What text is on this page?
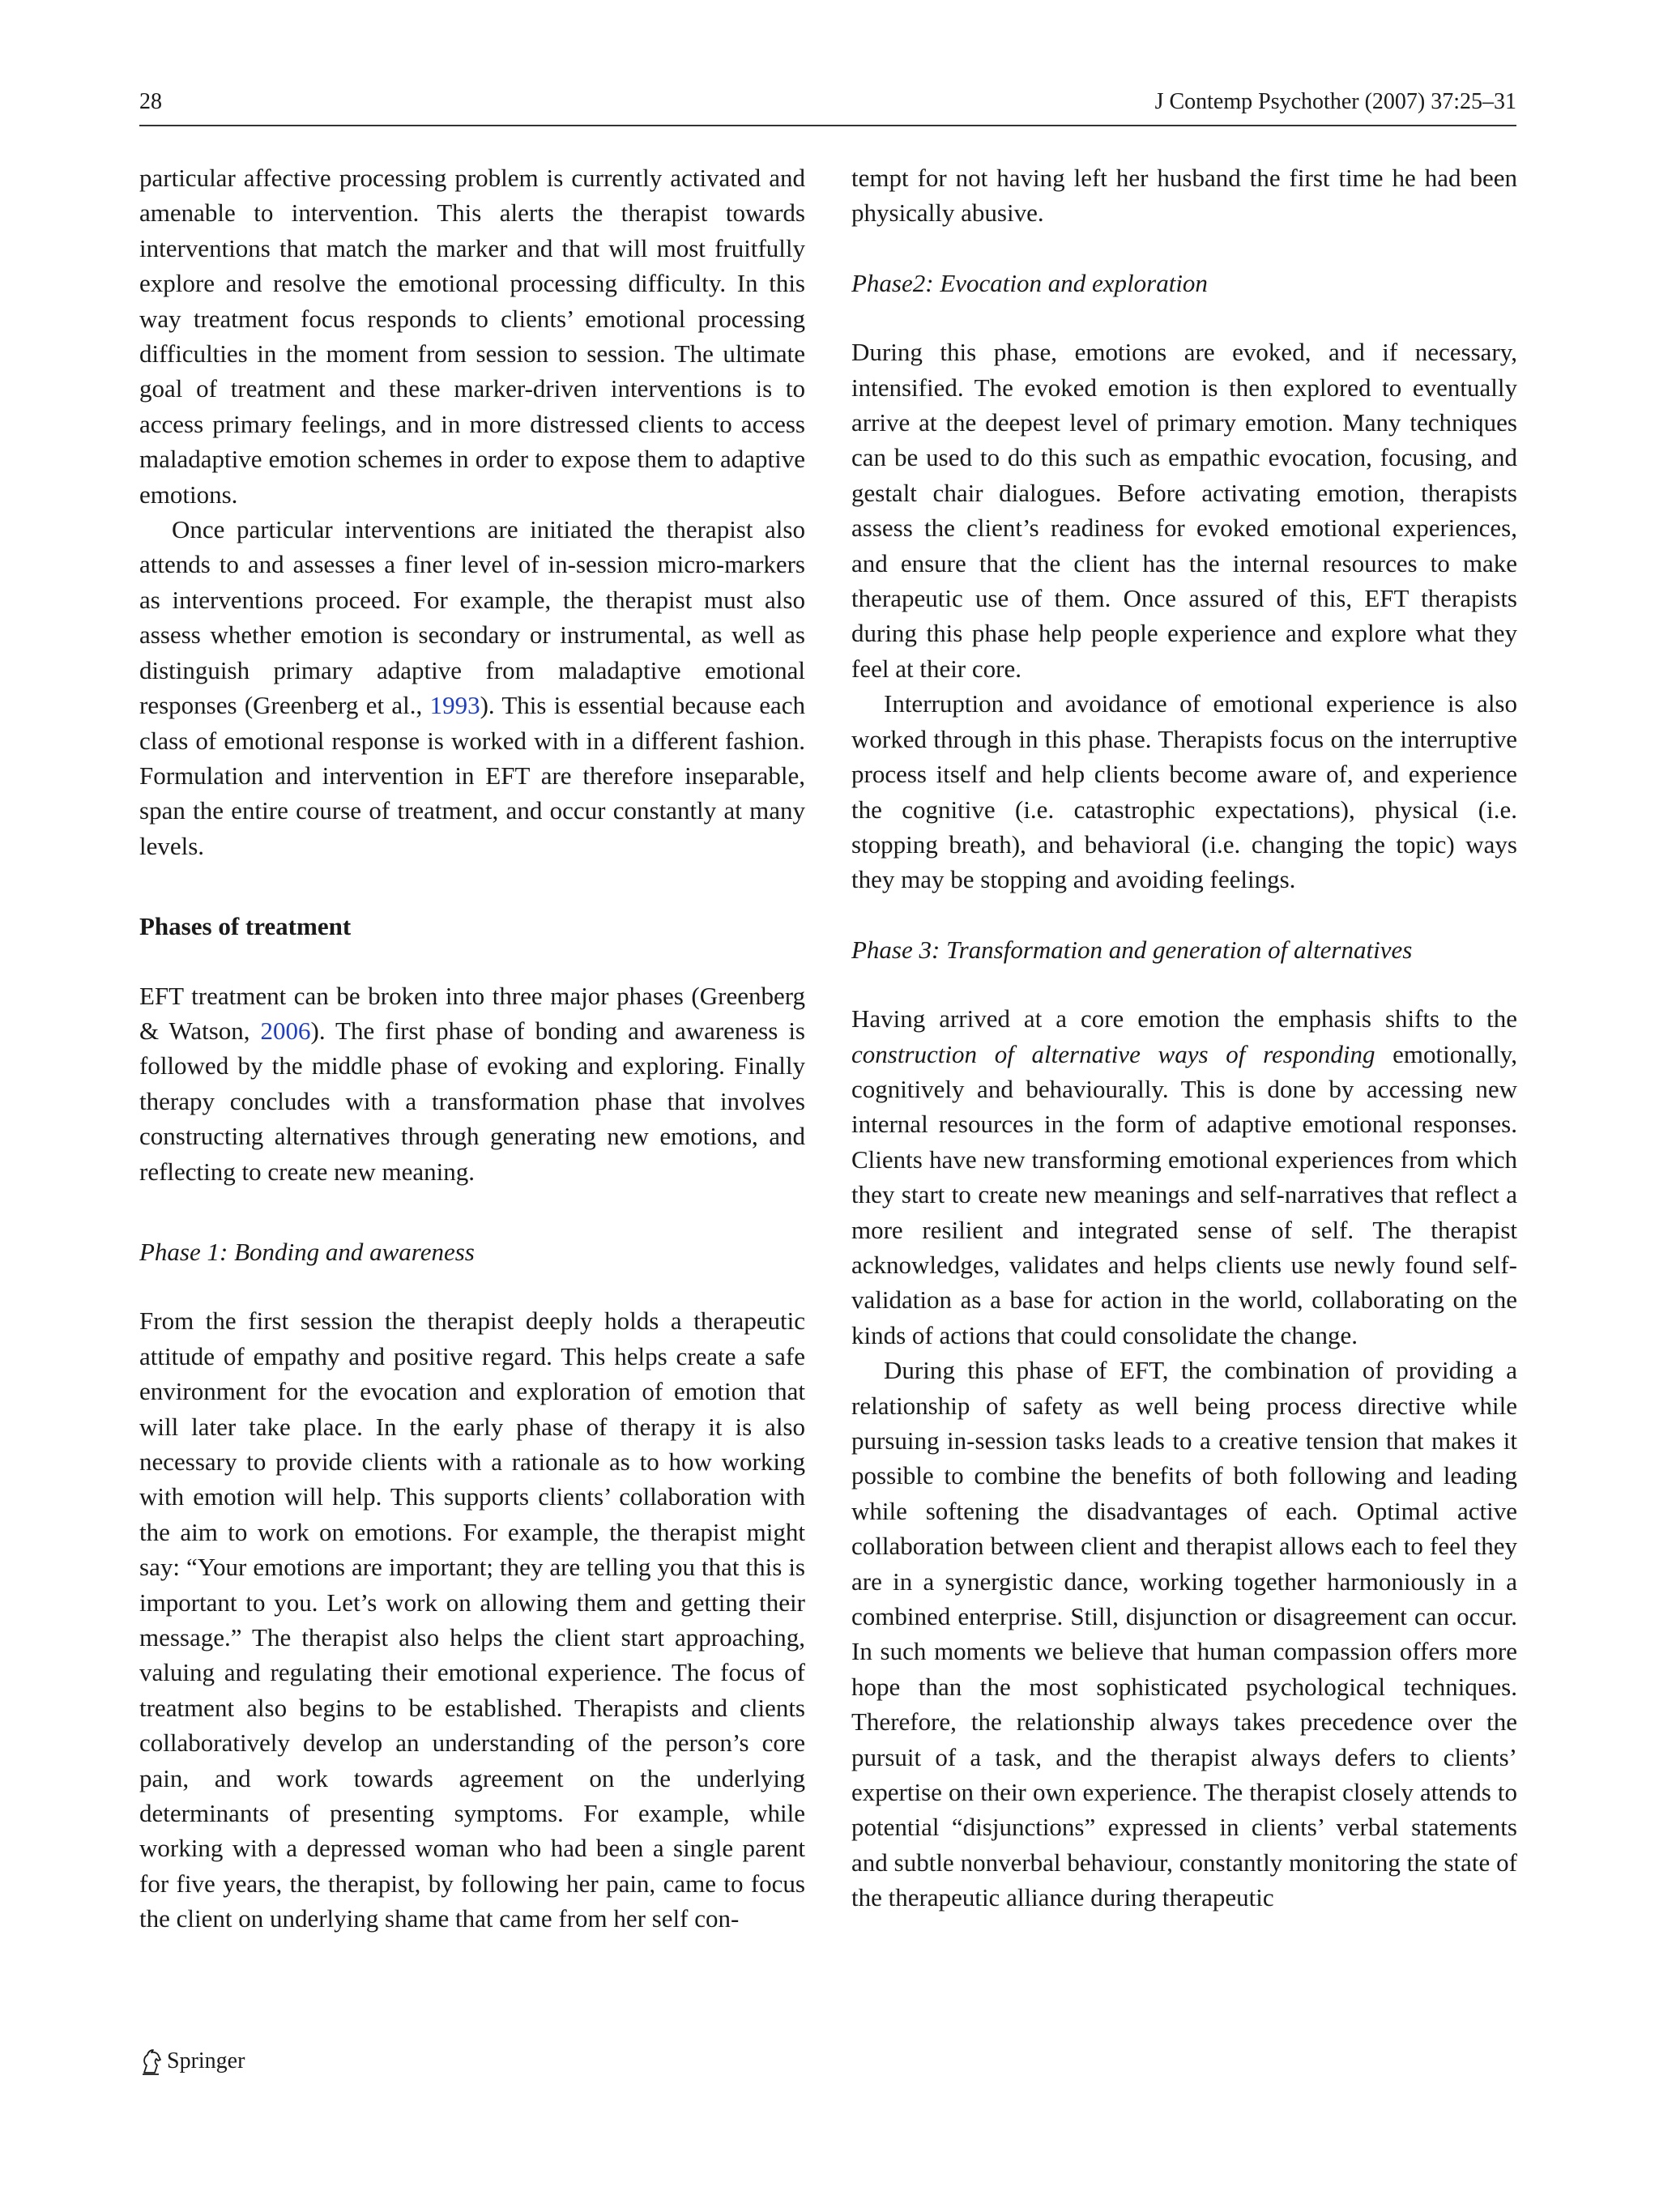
28	J Contemp Psychother (2007) 37:25–31

particular affective processing problem is currently activated and amenable to intervention. This alerts the therapist towards interventions that match the marker and that will most fruitfully explore and resolve the emotional processing difficulty. In this way treatment focus responds to clients’ emotional processing difficulties in the moment from session to session. The ultimate goal of treatment and these marker-driven interventions is to access primary feelings, and in more distressed clients to access maladaptive emotion schemes in order to expose them to adaptive emotions.

Once particular interventions are initiated the therapist also attends to and assesses a finer level of in-session micro-markers as interventions proceed. For example, the therapist must also assess whether emotion is secondary or instrumental, as well as distinguish primary adaptive from maladaptive emotional responses (Greenberg et al., 1993). This is essential because each class of emotional response is worked with in a different fashion. Formulation and intervention in EFT are therefore inseparable, span the entire course of treatment, and occur constantly at many levels.

Phases of treatment

EFT treatment can be broken into three major phases (Greenberg & Watson, 2006). The first phase of bonding and awareness is followed by the middle phase of evoking and exploring. Finally therapy concludes with a transformation phase that involves constructing alternatives through generating new emotions, and reflecting to create new meaning.

Phase 1: Bonding and awareness

From the first session the therapist deeply holds a therapeutic attitude of empathy and positive regard. This helps create a safe environment for the evocation and exploration of emotion that will later take place. In the early phase of therapy it is also necessary to provide clients with a rationale as to how working with emotion will help. This supports clients’ collaboration with the aim to work on emotions. For example, the therapist might say: “Your emotions are important; they are telling you that this is important to you. Let’s work on allowing them and getting their message.” The therapist also helps the client start approaching, valuing and regulating their emotional experience. The focus of treatment also begins to be established. Therapists and clients collaboratively develop an understanding of the person’s core pain, and work towards agreement on the underlying determinants of presenting symptoms. For example, while working with a depressed woman who had been a single parent for five years, the therapist, by following her pain, came to focus the client on underlying shame that came from her self con-

tempt for not having left her husband the first time he had been physically abusive.

Phase2: Evocation and exploration

During this phase, emotions are evoked, and if necessary, intensified. The evoked emotion is then explored to eventually arrive at the deepest level of primary emotion. Many techniques can be used to do this such as empathic evocation, focusing, and gestalt chair dialogues. Before activating emotion, therapists assess the client’s readiness for evoked emotional experiences, and ensure that the client has the internal resources to make therapeutic use of them. Once assured of this, EFT therapists during this phase help people experience and explore what they feel at their core.

Interruption and avoidance of emotional experience is also worked through in this phase. Therapists focus on the interruptive process itself and help clients become aware of, and experience the cognitive (i.e. catastrophic expectations), physical (i.e. stopping breath), and behavioral (i.e. changing the topic) ways they may be stopping and avoiding feelings.

Phase 3: Transformation and generation of alternatives

Having arrived at a core emotion the emphasis shifts to the construction of alternative ways of responding emotionally, cognitively and behaviourally. This is done by accessing new internal resources in the form of adaptive emotional responses. Clients have new transforming emotional experiences from which they start to create new meanings and self-narratives that reflect a more resilient and integrated sense of self. The therapist acknowledges, validates and helps clients use newly found self-validation as a base for action in the world, collaborating on the kinds of actions that could consolidate the change.

During this phase of EFT, the combination of providing a relationship of safety as well being process directive while pursuing in-session tasks leads to a creative tension that makes it possible to combine the benefits of both following and leading while softening the disadvantages of each. Optimal active collaboration between client and therapist allows each to feel they are in a synergistic dance, working together harmoniously in a combined enterprise. Still, disjunction or disagreement can occur. In such moments we believe that human compassion offers more hope than the most sophisticated psychological techniques. Therefore, the relationship always takes precedence over the pursuit of a task, and the therapist always defers to clients’ expertise on their own experience. The therapist closely attends to potential “disjunctions” expressed in clients’ verbal statements and subtle nonverbal behaviour, constantly monitoring the state of the therapeutic alliance during therapeutic

Springer
